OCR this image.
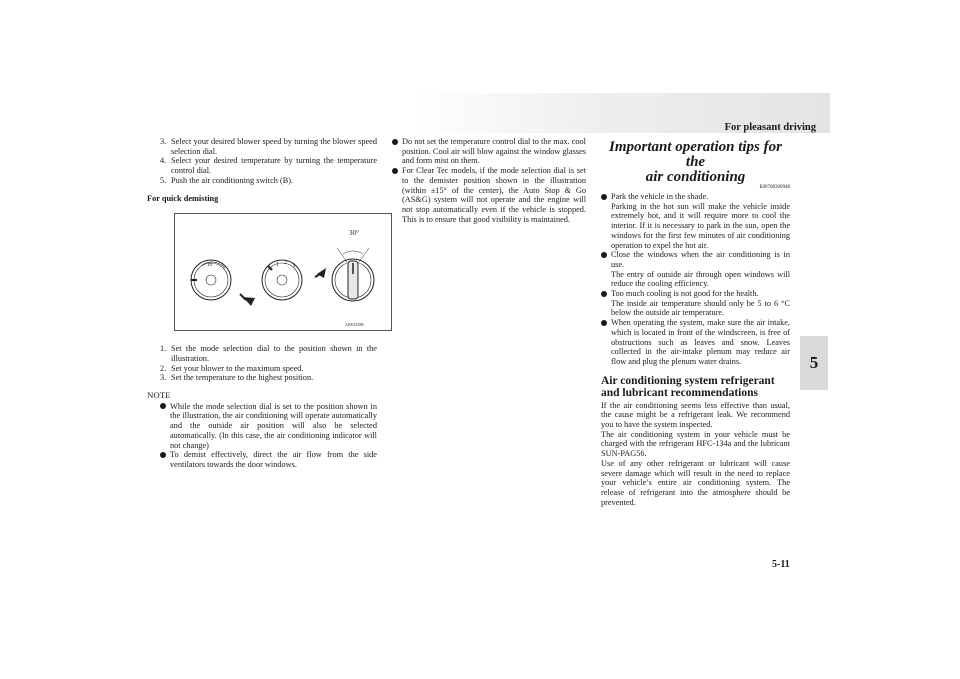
For pleasant driving
5
5-11

3. Select your desired blower speed by turning the blower speed selection dial.

4. Select your desired temperature by turning the temperature control dial.

5. Push the air conditioning switch (B).

For quick demisting

10	1 2 3
30°
AJ0012588

1. Set the mode selection dial to the position shown in the illustration.

2. Set your blower to the maximum speed.

3. Set the temperature to the highest position.

NOTE

While the mode selection dial is set to the position shown in the illustration, the air conditioning will operate automatically and the outside air position will also be selected automatically. (In this case, the air conditioning indicator will not change)

To demist effectively, direct the air flow from the side ventilators towards the door windows.

Do not set the temperature control dial to the max. cool position. Cool air will blow against the window glasses and form mist on them.

For Clear Tec models, if the mode selection dial is set to the demister position shown in the illustration (within ±15° of the center), the Auto Stop & Go (AS&G) system will not operate and the engine will not stop automatically even if the vehicle is stopped. This is to ensure that good visibility is maintained.

Important operation tips for the
air conditioning

E00708300948

Park the vehicle in the shade.
Parking in the hot sun will make the vehicle inside extremely hot, and it will require more to cool the interior. If it is necessary to park in the sun, open the windows for the first few minutes of air conditioning operation to expel the hot air.

Close the windows when the air conditioning is in use.
The entry of outside air through open windows will reduce the cooling efficiency.

Too much cooling is not good for the health.
The inside air temperature should only be 5 to 6 °C below the outside air temperature.

When operating the system, make sure the air intake, which is located in front of the windscreen, is free of obstructions such as leaves and snow. Leaves collected in the air-intake plenum may reduce air flow and plug the plenum water drains.

Air conditioning system refrigerant and lubricant recommendations

If the air conditioning seems less effective than usual, the cause might be a refrigerant leak. We recommend you to have the system inspected.

The air conditioning system in your vehicle must be charged with the refrigerant HFC-134a and the lubricant SUN-PAG56.

Use of any other refrigerant or lubricant will cause severe damage which will result in the need to replace your vehicle’s entire air conditioning system. The release of refrigerant into the atmosphere should be prevented.
